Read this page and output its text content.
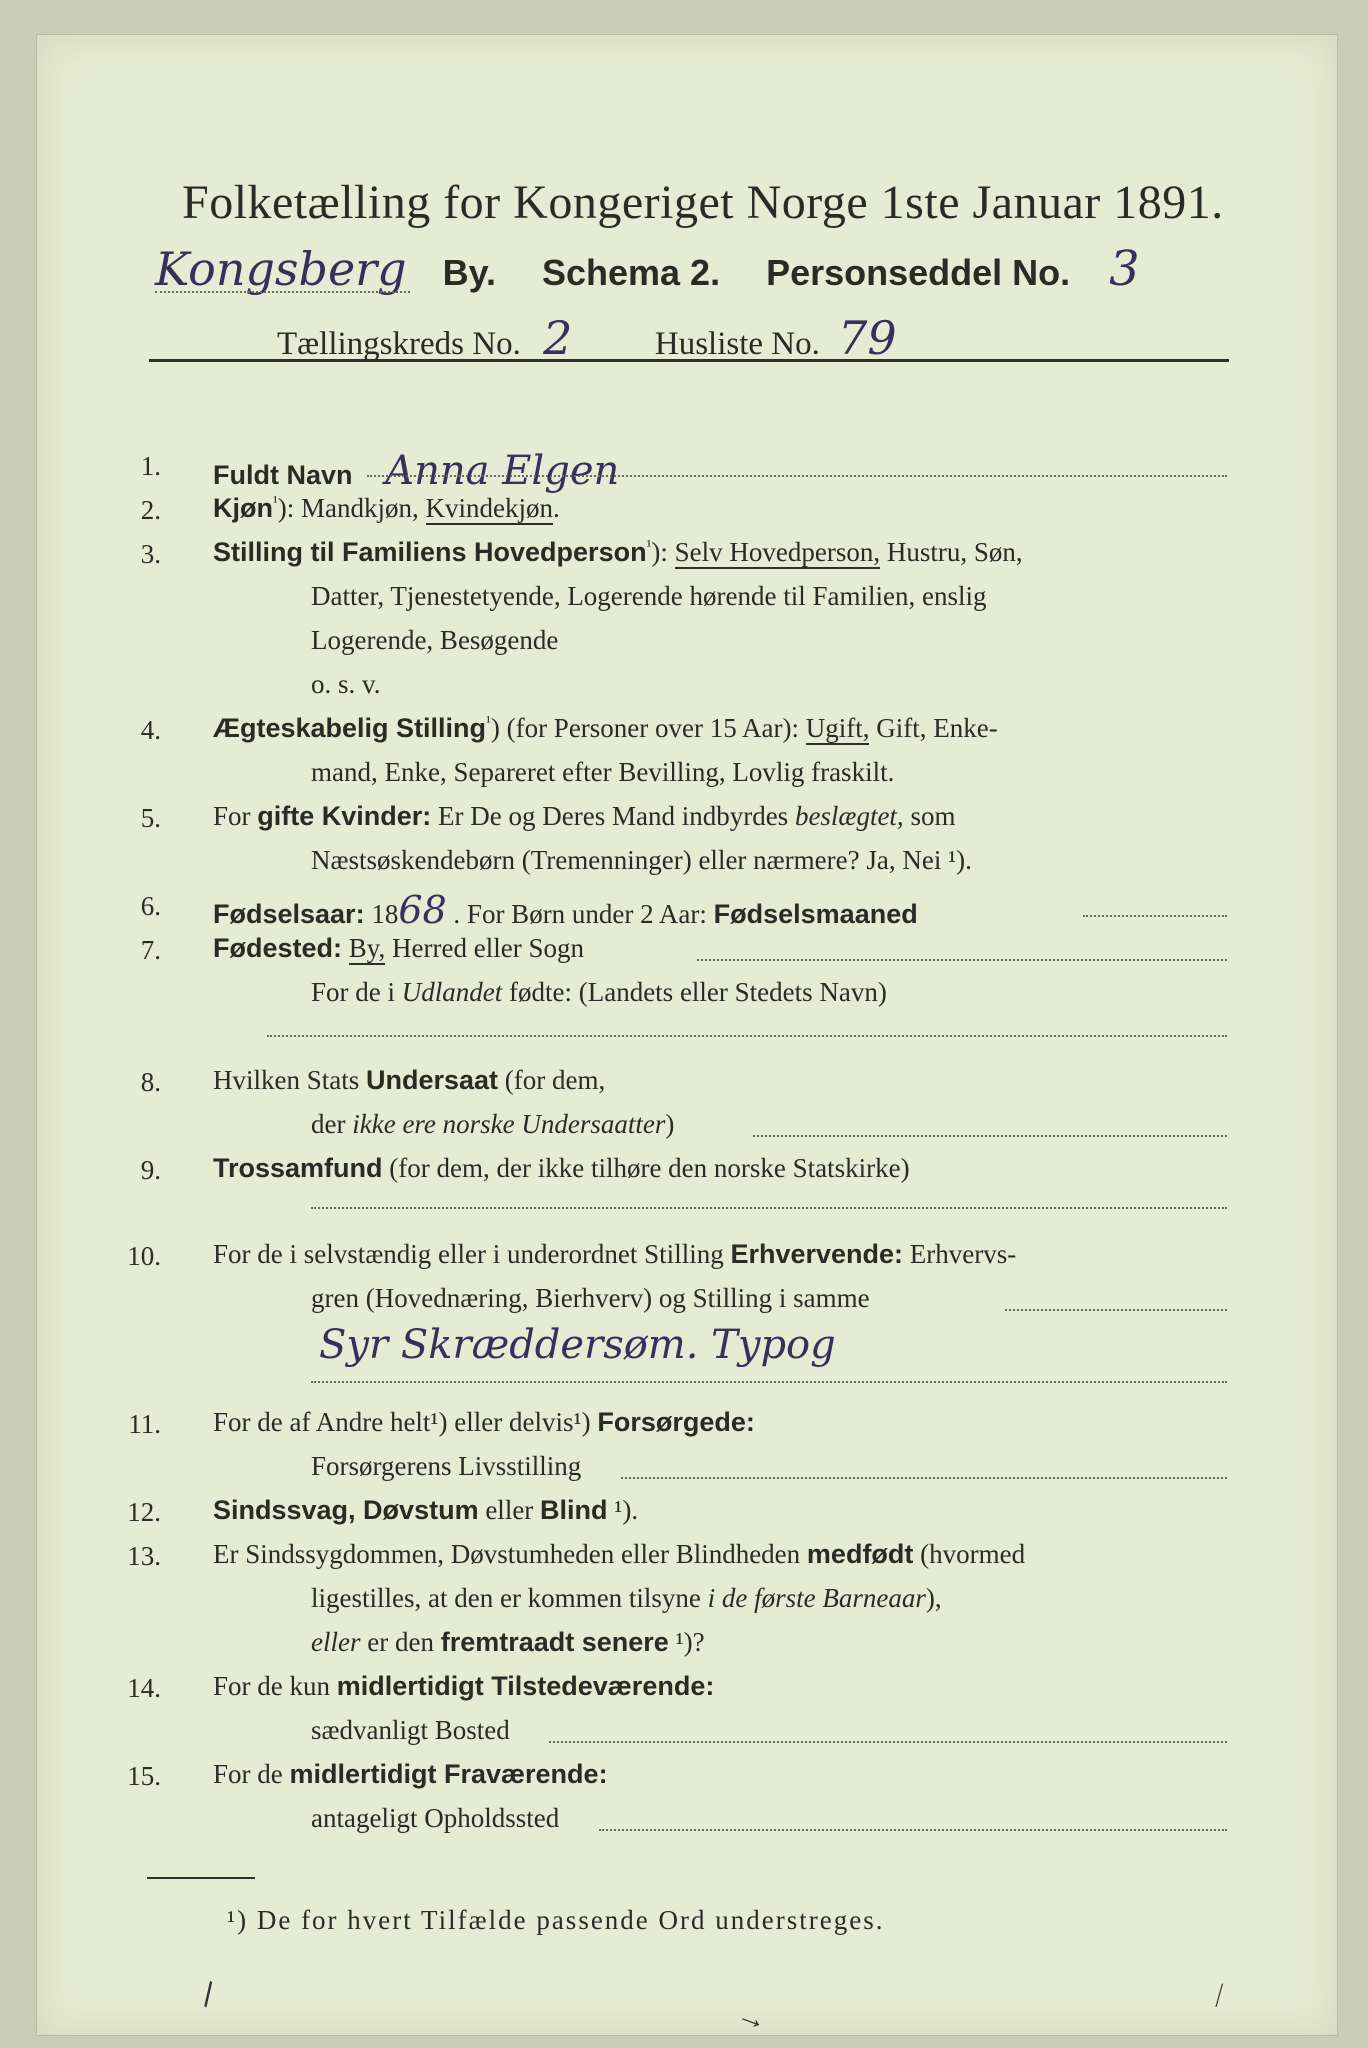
Folketælling for Kongeriget Norge 1ste Januar 1891.
Kongsberg By. Schema 2. Personseddel No. 3
Tællingskreds No. 2	Husliste No. 79
1. Fuldt Navn Anna Elgen
2. Kjøn$^{^1}$): Mandkjøn, Kvindekjøn.
3. Stilling til Familiens Hovedperson$^{^1}$): Selv Hovedperson, Hustru, Søn,
Datter, Tjenestetyende, Logerende hørende til Familien, enslig
Logerende, Besøgende
o. s. v.
4. Ægteskabelig Stilling$^{^1}$) (for Personer over 15 Aar): Ugift, Gift, Enke-
mand, Enke, Separeret efter Bevilling, Lovlig fraskilt.
5. For gifte Kvinder: Er De og Deres Mand indbyrdes beslægtet, som
Næstsøskendebørn (Tremenninger) eller nærmere? Ja, Nei ¹).
6. Fødselsaar: 1868 . For Børn under 2 Aar: Fødselsmaaned
7. Fødested: By, Herred eller Sogn
For de i Udlandet fødte: (Landets eller Stedets Navn)
8. Hvilken Stats Undersaat (for dem,
der ikke ere norske Undersaatter)
9. Trossamfund (for dem, der ikke tilhøre den norske Statskirke)
10. For de i selvstændig eller i underordnet Stilling Erhvervende: Erhvervs-
gren (Hovednæring, Bierhverv) og Stilling i samme
Syr Skræddersøm. Typog
11. For de af Andre helt¹) eller delvis¹) Forsørgede:
Forsørgerens Livsstilling
12. Sindssvag, Døvstum eller Blind ¹).
13. Er Sindssygdommen, Døvstumheden eller Blindheden medfødt (hvormed
ligestilles, at den er kommen tilsyne i de første Barneaar),
eller er den fremtraadt senere ¹)?
14. For de kun midlertidigt Tilstedeværende:
sædvanligt Bosted
15. For de midlertidigt Fraværende:
antageligt Opholdssted
¹) De for hvert Tilfælde passende Ord understreges.
∖
→
∕
